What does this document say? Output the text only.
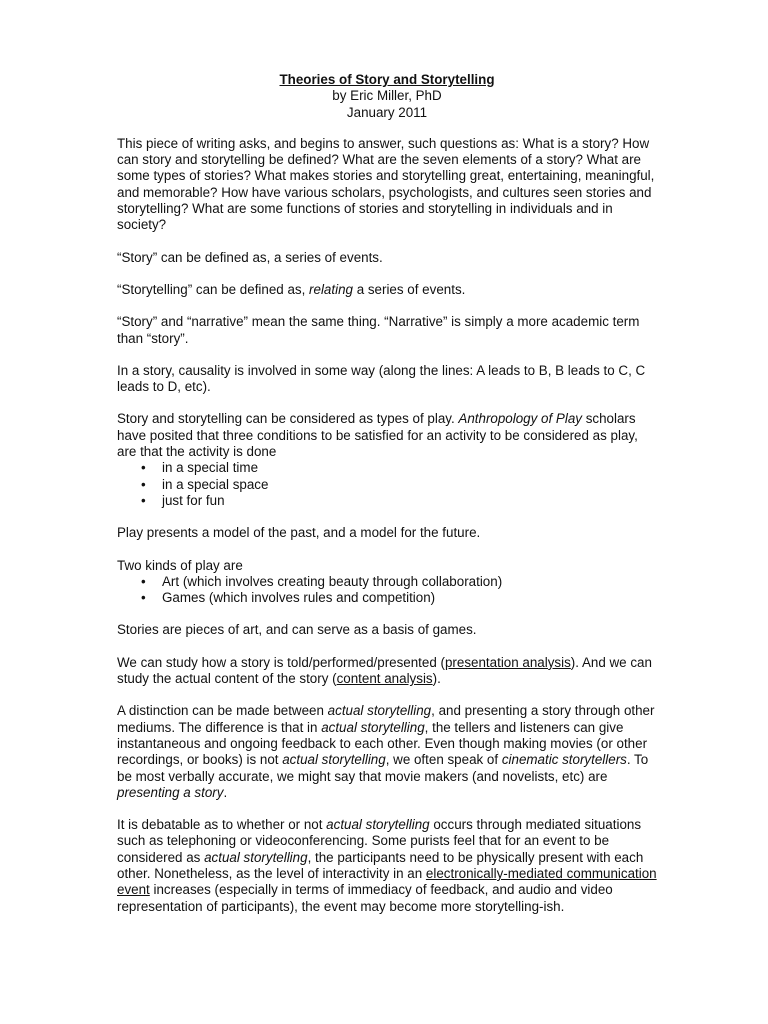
Theories of Story and Storytelling
by Eric Miller, PhD
January 2011

This piece of writing asks, and begins to answer, such questions as: What is a story? How can story and storytelling be defined? What are the seven elements of a story? What are some types of stories? What makes stories and storytelling great, entertaining, meaningful, and memorable? How have various scholars, psychologists, and cultures seen stories and storytelling? What are some functions of stories and storytelling in individuals and in society?

“Story” can be defined as, a series of events.

“Storytelling” can be defined as, relating a series of events.

“Story” and “narrative” mean the same thing. “Narrative” is simply a more academic term than “story”.

In a story, causality is involved in some way (along the lines: A leads to B, B leads to C, C leads to D, etc).

Story and storytelling can be considered as types of play. Anthropology of Play scholars have posited that three conditions to be satisfied for an activity to be considered as play, are that the activity is done

• in a special time
• in a special space
• just for fun

Play presents a model of the past, and a model for the future.

Two kinds of play are

• Art (which involves creating beauty through collaboration)
• Games (which involves rules and competition)

Stories are pieces of art, and can serve as a basis of games.

We can study how a story is told/performed/presented (presentation analysis). And we can study the actual content of the story (content analysis).

A distinction can be made between actual storytelling, and presenting a story through other mediums. The difference is that in actual storytelling, the tellers and listeners can give instantaneous and ongoing feedback to each other. Even though making movies (or other recordings, or books) is not actual storytelling, we often speak of cinematic storytellers. To be most verbally accurate, we might say that movie makers (and novelists, etc) are presenting a story.

It is debatable as to whether or not actual storytelling occurs through mediated situations such as telephoning or videoconferencing. Some purists feel that for an event to be considered as actual storytelling, the participants need to be physically present with each other. Nonetheless, as the level of interactivity in an electronically-mediated communication event increases (especially in terms of immediacy of feedback, and audio and video representation of participants), the event may become more storytelling-ish.
